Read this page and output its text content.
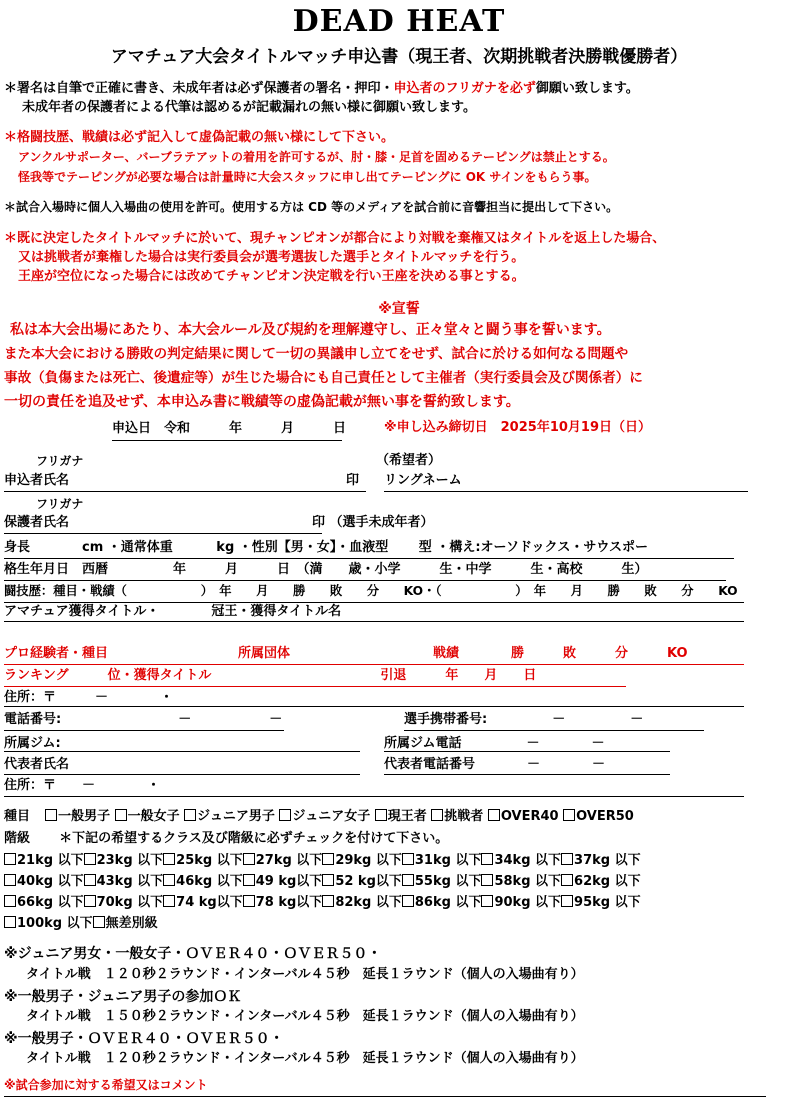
DEAD HEAT
アマチュア大会タイトルマッチ申込書（現王者、次期挑戦者決勝戦優勝者）
＊署名は自筆で正確に書き、未成年者は必ず保護者の署名・押印・申込者のフリガナを必ず御願い致します。
未成年者の保護者による代筆は認めるが記載漏れの無い様に御願い致します。
＊格闘技歴、戦績は必ず記入して虚偽記載の無い様にして下さい。
アンクルサポーター、バーブラテアットの着用を許可するが、肘・膝・足首を固めるテーピングは禁止とする。
怪我等でテーピングが必要な場合は計量時に大会スタッフに申し出てテーピングに OK サインをもらう事。
＊試合入場時に個人入場曲の使用を許可。使用する方は CD 等のメディアを試合前に音響担当に提出して下さい。
＊既に決定したタイトルマッチに於いて、現チャンピオンが都合により対戦を棄権又はタイトルを返上した場合、
又は挑戦者が棄権した場合は実行委員会が選考選抜した選手とタイトルマッチを行う。
王座が空位になった場合には改めてチャンピオン決定戦を行い王座を決める事とする。
※宣誓
私は本大会出場にあたり、本大会ルール及び規約を理解遵守し、正々堂々と闘う事を誓います。
また本大会における勝敗の判定結果に関して一切の異議申し立てをせず、試合に於ける如何なる問題や
事故（負傷または死亡、後遺症等）が生じた場合にも自己責任として主催者（実行委員会及び関係者）に
一切の責任を追及せず、本申込み書に戦績等の虚偽記載が無い事を誓約致します。
申込日　令和　　　年　　　月　　　日	※申し込み締切日　2025年10月19日（日）
フリガナ	（希望者）
申込者氏名	印 リングネーム
フリガナ
保護者氏名	印 （選手未成年者）
身長　　　　cm ・通常体重　　　 kg ・性別【男・女】・血液型　　 型 ・構え:オーソドックス・サウスポー
格生年月日　西暦　　　　　年　　　月　　　日　（満　　歳・小学　　　生・中学　　　生・高校　　　生）
闘技歴：種目・戦績（　　　　　　）　年　　月　　勝　　敗　　分　　KO・（　　　　　　）　年　　月　　勝　　敗　　分　　KO
アマチュア獲得タイトル・　　　　冠王・獲得タイトル名
プロ経験者・種目　　　　　　　　　　所属団体　　　　　　　　　　　戦績　　　　勝　　　敗　　　分　　　KO
ランキング　　　位・獲得タイトル　　　　　　　　　　　　　引退　　　年　　月　　日
住所：〒　　　－　　　　・
電話番号:　　　　　　　　　－　　　　　　－	選手携帯番号:　　　　　－　　　　　－
所属ジム:	所属ジム電話　　　　　－　　　　－
代表者氏名	代表者電話番号　　　　－　　　　－
住所：〒　　－　　　　・
種目 一般男子 一般女子 ジュニア男子 ジュニア女子 現王者 挑戦者 OVER40 OVER50
階級 ＊下記の希望するクラス及び階級に必ずチェックを付けて下さい。
21kg 以下 23kg 以下 25kg 以下 27kg 以下 29kg 以下 31kg 以下 34kg 以下 37kg 以下
40kg 以下 43kg 以下 46kg 以下 49 kg以下 52 kg以下 55kg 以下 58kg 以下 62kg 以下
66kg 以下 70kg 以下 74 kg以下 78 kg以下 82kg 以下 86kg 以下 90kg 以下 95kg 以下
100kg 以下 無差別級
※ジュニア男女・一般女子・ＯＶＥＲ４０・ＯＶＥＲ５０・
タイトル戦　１２０秒２ラウンド・インターバル４５秒　延長１ラウンド（個人の入場曲有り）
※一般男子・ジュニア男子の参加ＯＫ
タイトル戦　１５０秒２ラウンド・インターバル４５秒　延長１ラウンド（個人の入場曲有り）
※一般男子・ＯＶＥＲ４０・ＯＶＥＲ５０・
タイトル戦　１２０秒２ラウンド・インターバル４５秒　延長１ラウンド（個人の入場曲有り）
※試合参加に対する希望又はコメント
